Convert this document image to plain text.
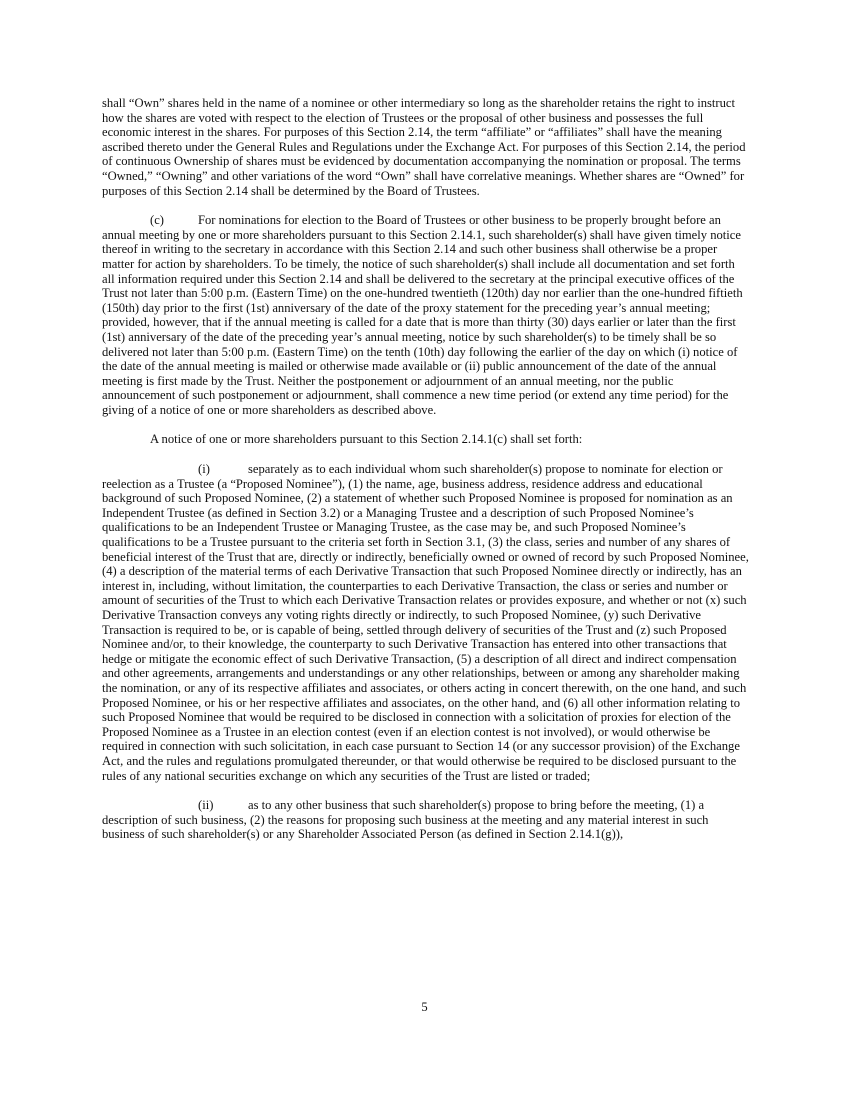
shall “Own” shares held in the name of a nominee or other intermediary so long as the shareholder retains the right to instruct how the shares are voted with respect to the election of Trustees or the proposal of other business and possesses the full economic interest in the shares. For purposes of this Section 2.14, the term “affiliate” or “affiliates” shall have the meaning ascribed thereto under the General Rules and Regulations under the Exchange Act. For purposes of this Section 2.14, the period of continuous Ownership of shares must be evidenced by documentation accompanying the nomination or proposal. The terms “Owned,” “Owning” and other variations of the word “Own” shall have correlative meanings. Whether shares are “Owned” for purposes of this Section 2.14 shall be determined by the Board of Trustees.

(c)	For nominations for election to the Board of Trustees or other business to be properly brought before an annual meeting by one or more shareholders pursuant to this Section 2.14.1, such shareholder(s) shall have given timely notice thereof in writing to the secretary in accordance with this Section 2.14 and such other business shall otherwise be a proper matter for action by shareholders. To be timely, the notice of such shareholder(s) shall include all documentation and set forth all information required under this Section 2.14 and shall be delivered to the secretary at the principal executive offices of the Trust not later than 5:00 p.m. (Eastern Time) on the one-hundred twentieth (120th) day nor earlier than the one-hundred fiftieth (150th) day prior to the first (1st) anniversary of the date of the proxy statement for the preceding year’s annual meeting; provided, however, that if the annual meeting is called for a date that is more than thirty (30) days earlier or later than the first (1st) anniversary of the date of the preceding year’s annual meeting, notice by such shareholder(s) to be timely shall be so delivered not later than 5:00 p.m. (Eastern Time) on the tenth (10th) day following the earlier of the day on which (i) notice of the date of the annual meeting is mailed or otherwise made available or (ii) public announcement of the date of the annual meeting is first made by the Trust. Neither the postponement or adjournment of an annual meeting, nor the public announcement of such postponement or adjournment, shall commence a new time period (or extend any time period) for the giving of a notice of one or more shareholders as described above.

A notice of one or more shareholders pursuant to this Section 2.14.1(c) shall set forth:

(i)	separately as to each individual whom such shareholder(s) propose to nominate for election or reelection as a Trustee (a “Proposed Nominee”), (1) the name, age, business address, residence address and educational background of such Proposed Nominee, (2) a statement of whether such Proposed Nominee is proposed for nomination as an Independent Trustee (as defined in Section 3.2) or a Managing Trustee and a description of such Proposed Nominee’s qualifications to be an Independent Trustee or Managing Trustee, as the case may be, and such Proposed Nominee’s qualifications to be a Trustee pursuant to the criteria set forth in Section 3.1, (3) the class, series and number of any shares of beneficial interest of the Trust that are, directly or indirectly, beneficially owned or owned of record by such Proposed Nominee, (4) a description of the material terms of each Derivative Transaction that such Proposed Nominee directly or indirectly, has an interest in, including, without limitation, the counterparties to each Derivative Transaction, the class or series and number or amount of securities of the Trust to which each Derivative Transaction relates or provides exposure, and whether or not (x) such Derivative Transaction conveys any voting rights directly or indirectly, to such Proposed Nominee, (y) such Derivative Transaction is required to be, or is capable of being, settled through delivery of securities of the Trust and (z) such Proposed Nominee and/or, to their knowledge, the counterparty to such Derivative Transaction has entered into other transactions that hedge or mitigate the economic effect of such Derivative Transaction, (5) a description of all direct and indirect compensation and other agreements, arrangements and understandings or any other relationships, between or among any shareholder making the nomination, or any of its respective affiliates and associates, or others acting in concert therewith, on the one hand, and such Proposed Nominee, or his or her respective affiliates and associates, on the other hand, and (6) all other information relating to such Proposed Nominee that would be required to be disclosed in connection with a solicitation of proxies for election of the Proposed Nominee as a Trustee in an election contest (even if an election contest is not involved), or would otherwise be required in connection with such solicitation, in each case pursuant to Section 14 (or any successor provision) of the Exchange Act, and the rules and regulations promulgated thereunder, or that would otherwise be required to be disclosed pursuant to the rules of any national securities exchange on which any securities of the Trust are listed or traded;

(ii)	as to any other business that such shareholder(s) propose to bring before the meeting, (1) a description of such business, (2) the reasons for proposing such business at the meeting and any material interest in such business of such shareholder(s) or any Shareholder Associated Person (as defined in Section 2.14.1(g)),

5
